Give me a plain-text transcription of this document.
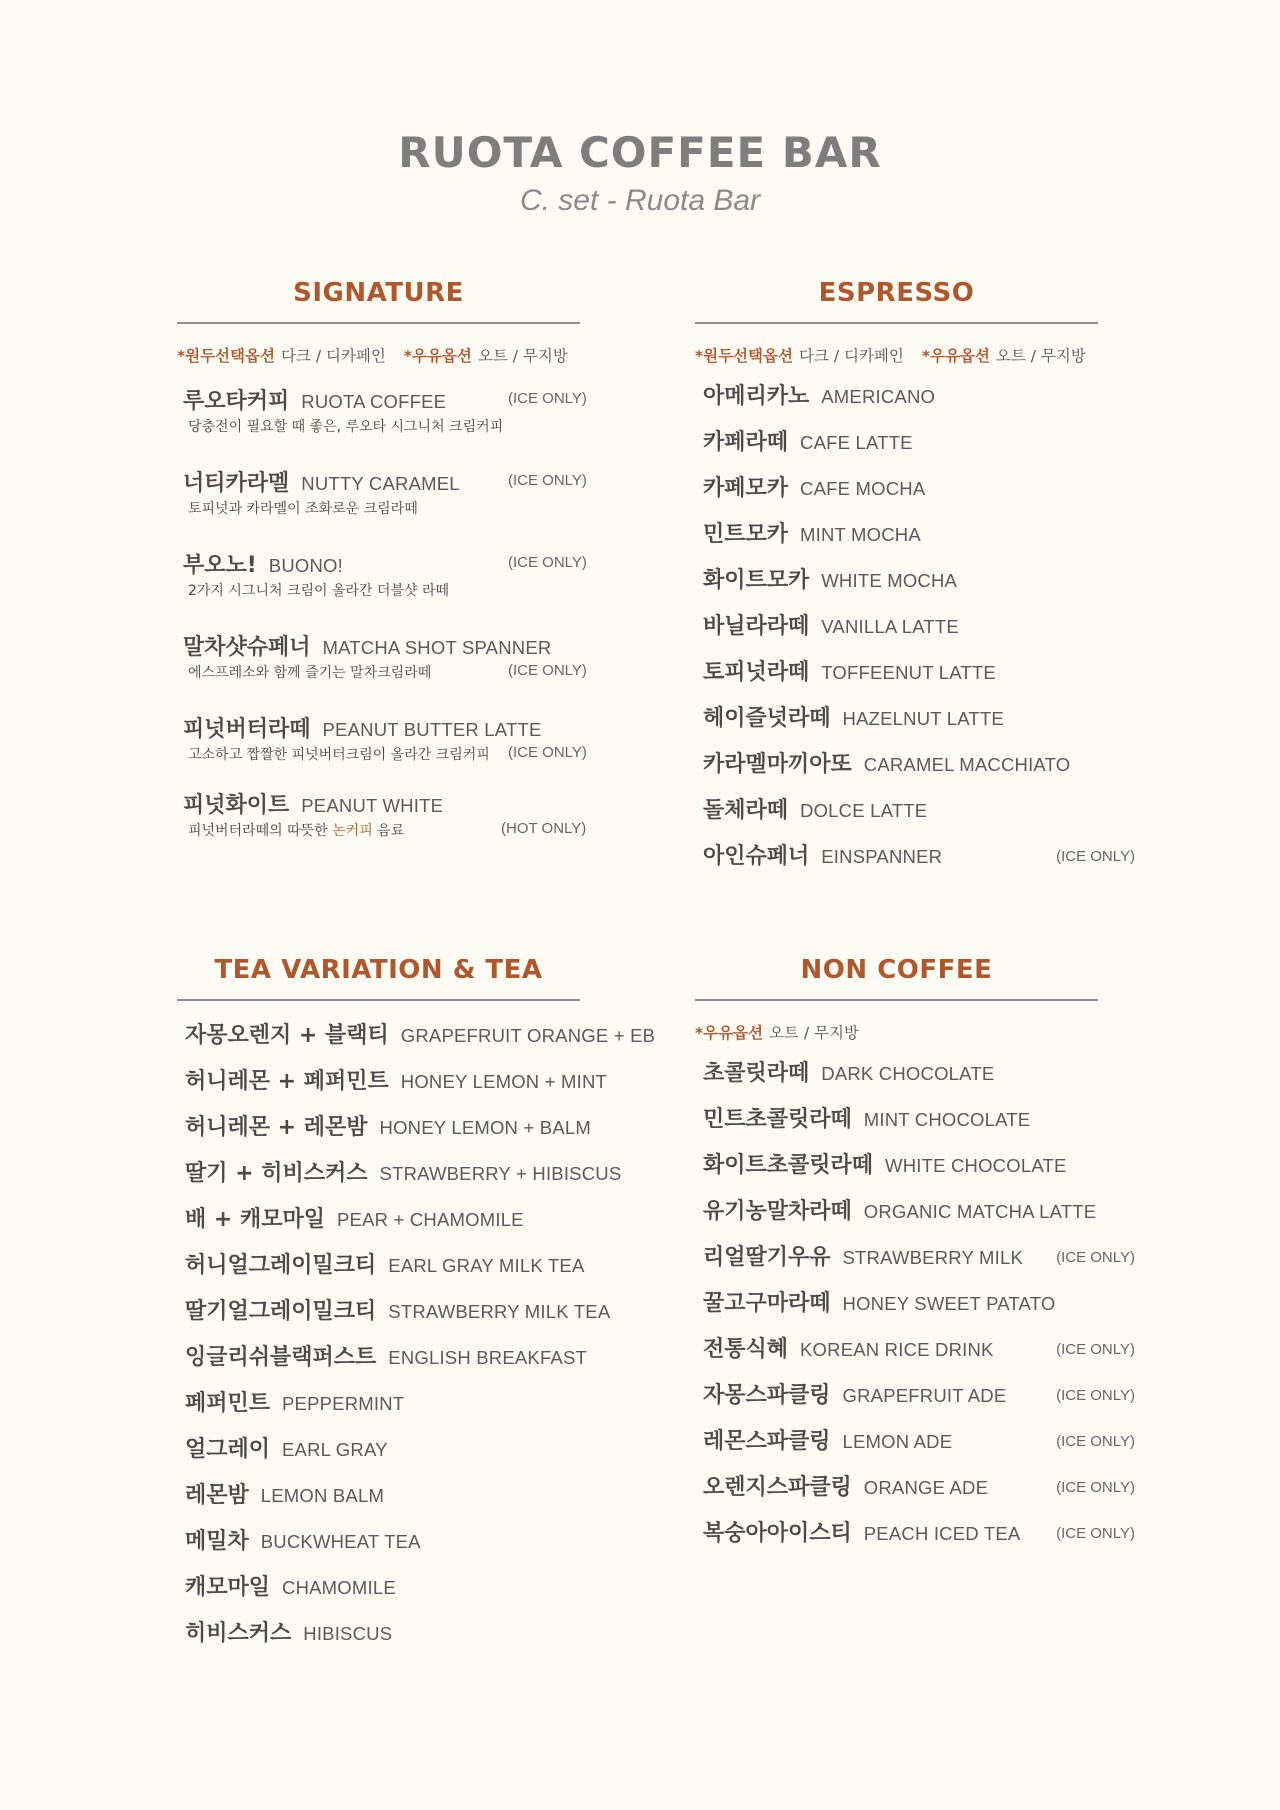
RUOTA COFFEE BAR
C. set - Ruota Bar
SIGNATURE
*원두선택옵션 다크 / 디카페인 *우유옵션 오트 / 무지방
루오타커피 RUOTA COFFEE	(ICE ONLY)
당충전이 필요할 때 좋은, 루오타 시그니처 크림커피
너티카라멜 NUTTY CARAMEL	(ICE ONLY)
토피넛과 카라멜이 조화로운 크림라떼
부오노! BUONO!	(ICE ONLY)
2가지 시그니처 크림이 올라간 더블샷 라떼
말차샷슈페너 MATCHA SHOT SPANNER
에스프레소와 함께 즐기는 말차크림라떼	(ICE ONLY)
피넛버터라떼 PEANUT BUTTER LATTE
고소하고 짭짤한 피넛버터크림이 올라간 크림커피 (ICE ONLY)
피넛화이트 PEANUT WHITE
피넛버터라떼의 따뜻한 논커피 음료	(HOT ONLY)
ESPRESSO
*원두선택옵션 다크 / 디카페인 *우유옵션 오트 / 무지방
아메리카노 AMERICANO
카페라떼 CAFE LATTE
카페모카 CAFE MOCHA
민트모카 MINT MOCHA
화이트모카 WHITE MOCHA
바닐라라떼 VANILLA LATTE
토피넛라떼 TOFFEENUT LATTE
헤이즐넛라떼 HAZELNUT LATTE
카라멜마끼아또 CARAMEL MACCHIATO
돌체라떼 DOLCE LATTE
아인슈페너 EINSPANNER	(ICE ONLY)
TEA VARIATION & TEA
자몽오렌지 + 블랙티 GRAPEFRUIT ORANGE + EB
허니레몬 + 페퍼민트 HONEY LEMON + MINT
허니레몬 + 레몬밤 HONEY LEMON + BALM
딸기 + 히비스커스 STRAWBERRY + HIBISCUS
배 + 캐모마일 PEAR + CHAMOMILE
허니얼그레이밀크티 EARL GRAY MILK TEA
딸기얼그레이밀크티 STRAWBERRY MILK TEA
잉글리쉬블랙퍼스트 ENGLISH BREAKFAST
페퍼민트 PEPPERMINT
얼그레이 EARL GRAY
레몬밤 LEMON BALM
메밀차 BUCKWHEAT TEA
캐모마일 CHAMOMILE
히비스커스 HIBISCUS
NON COFFEE
*우유옵션 오트 / 무지방
초콜릿라떼 DARK CHOCOLATE
민트초콜릿라떼 MINT CHOCOLATE
화이트초콜릿라떼 WHITE CHOCOLATE
유기농말차라떼 ORGANIC MATCHA LATTE
리얼딸기우유 STRAWBERRY MILK (ICE ONLY)
꿀고구마라떼 HONEY SWEET PATATO
전통식혜 KOREAN RICE DRINK	(ICE ONLY)
자몽스파클링 GRAPEFRUIT ADE	(ICE ONLY)
레몬스파클링 LEMON ADE	(ICE ONLY)
오렌지스파클링 ORANGE ADE	(ICE ONLY)
복숭아아이스티 PEACH ICED TEA (ICE ONLY)
